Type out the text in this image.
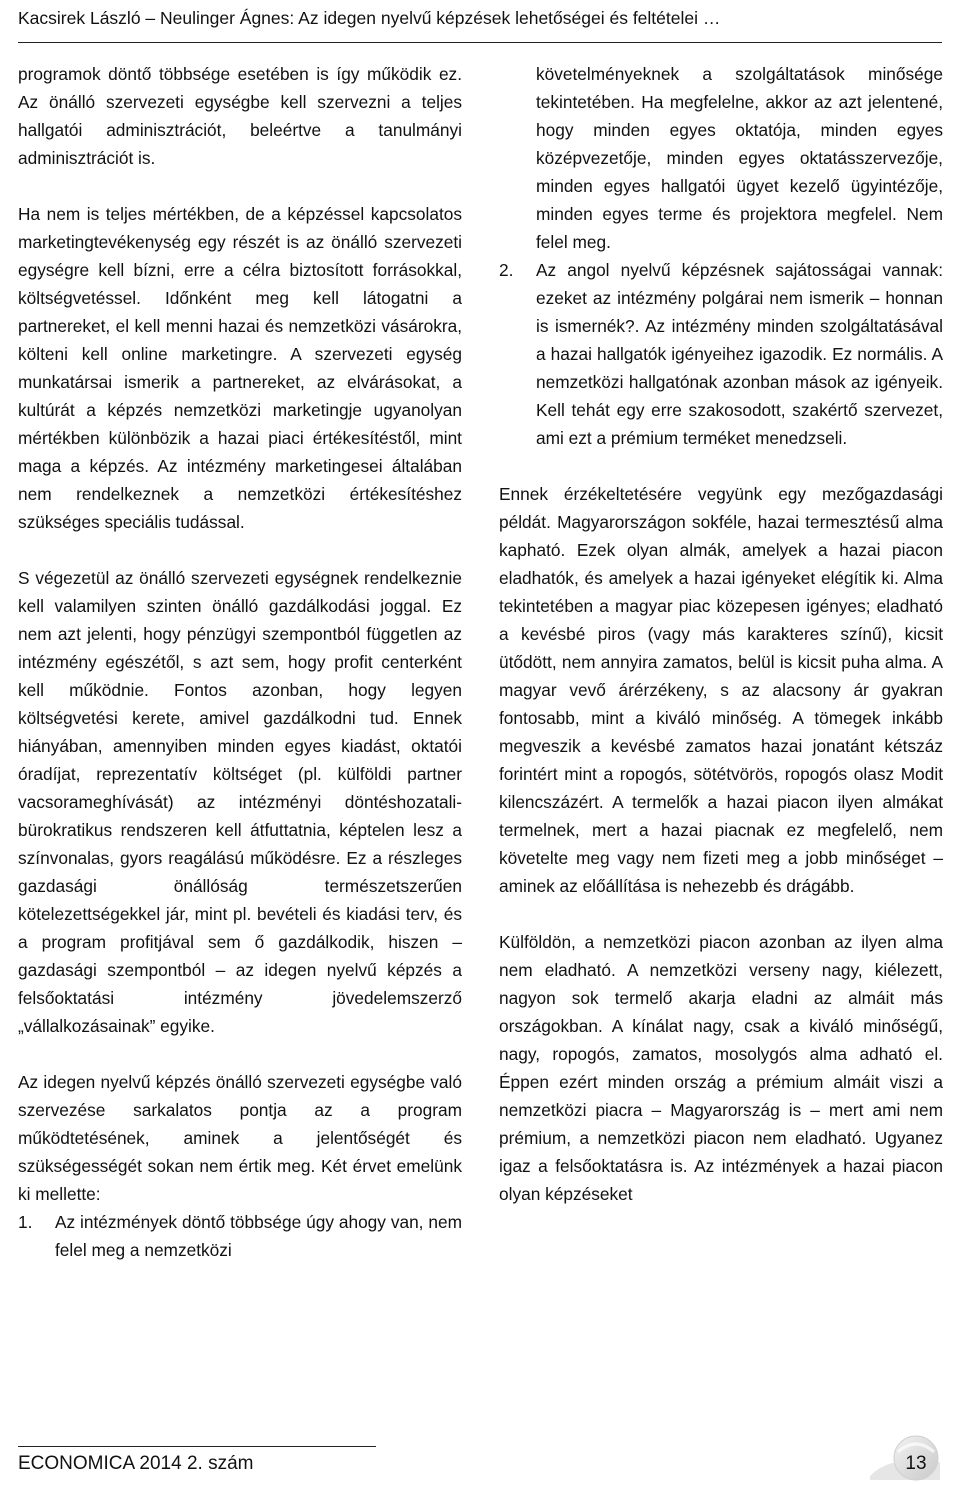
Kacsirek László – Neulinger Ágnes: Az idegen nyelvű képzések lehetőségei és feltételei …

programok döntő többsége esetében is így működik ez. Az önálló szervezeti egységbe kell szervezni a teljes hallgatói adminisztrációt, beleértve a tanulmányi adminisztrációt is.

Ha nem is teljes mértékben, de a képzéssel kapcsolatos marketingtevékenység egy részét is az önálló szervezeti egységre kell bízni, erre a célra biztosított forrásokkal, költségvetéssel. Időnként meg kell látogatni a partnereket, el kell menni hazai és nemzetközi vásárokra, költeni kell online marketingre. A szervezeti egység munkatársai ismerik a partnereket, az elvárásokat, a kultúrát a képzés nemzetközi marketingje ugyanolyan mértékben különbözik a hazai piaci értékesítéstől, mint maga a képzés. Az intézmény marketingesei általában nem rendelkeznek a nemzetközi értékesítéshez szükséges speciális tudással.

S végezetül az önálló szervezeti egységnek rendelkeznie kell valamilyen szinten önálló gazdálkodási joggal. Ez nem azt jelenti, hogy pénzügyi szempontból független az intézmény egészétől, s azt sem, hogy profit centerként kell működnie. Fontos azonban, hogy legyen költségvetési kerete, amivel gazdálkodni tud. Ennek hiányában, amennyiben minden egyes kiadást, oktatói óradíjat, reprezentatív költséget (pl. külföldi partner vacsorameghívását) az intézményi döntéshozatali-bürokratikus rendszeren kell átfuttatnia, képtelen lesz a színvonalas, gyors reagálású működésre. Ez a részleges gazdasági önállóság természetszerűen kötelezettségekkel jár, mint pl. bevételi és kiadási terv, és a program profitjával sem ő gazdálkodik, hiszen – gazdasági szempontból – az idegen nyelvű képzés a felsőoktatási intézmény jövedelemszerző „vállalkozásainak” egyike.

Az idegen nyelvű képzés önálló szervezeti egységbe való szervezése sarkalatos pontja az a program működtetésének, aminek a jelentőségét és szükségességét sokan nem értik meg. Két érvet emelünk ki mellette:

1. Az intézmények döntő többsége úgy ahogy van, nem felel meg a nemzetközi
követelményeknek a szolgáltatások minősége tekintetében. Ha megfelelne, akkor az azt jelentené, hogy minden egyes oktatója, minden egyes középvezetője, minden egyes oktatásszervezője, minden egyes hallgatói ügyet kezelő ügyintézője, minden egyes terme és projektora megfelel. Nem felel meg.
2. Az angol nyelvű képzésnek sajátosságai vannak: ezeket az intézmény polgárai nem ismerik – honnan is ismernék?. Az intézmény minden szolgáltatásával a hazai hallgatók igényeihez igazodik. Ez normális. A nemzetközi hallgatónak azonban mások az igényeik. Kell tehát egy erre szakosodott, szakértő szervezet, ami ezt a prémium terméket menedzseli.

Ennek érzékeltetésére vegyünk egy mezőgazdasági példát. Magyarországon sokféle, hazai termesztésű alma kapható. Ezek olyan almák, amelyek a hazai piacon eladhatók, és amelyek a hazai igényeket elégítik ki. Alma tekintetében a magyar piac közepesen igényes; eladható a kevésbé piros (vagy más karakteres színű), kicsit ütődött, nem annyira zamatos, belül is kicsit puha alma. A magyar vevő árérzékeny, s az alacsony ár gyakran fontosabb, mint a kiváló minőség. A tömegek inkább megveszik a kevésbé zamatos hazai jonatánt kétszáz forintért mint a ropogós, sötétvörös, ropogós olasz Modit kilencszázért. A termelők a hazai piacon ilyen almákat termelnek, mert a hazai piacnak ez megfelelő, nem követelte meg vagy nem fizeti meg a jobb minőséget – aminek az előállítása is nehezebb és drágább.

Külföldön, a nemzetközi piacon azonban az ilyen alma nem eladható. A nemzetközi verseny nagy, kiélezett, nagyon sok termelő akarja eladni az almáit más országokban. A kínálat nagy, csak a kiváló minőségű, nagy, ropogós, zamatos, mosolygós alma adható el. Éppen ezért minden ország a prémium almáit viszi a nemzetközi piacra – Magyarország is – mert ami nem prémium, a nemzetközi piacon nem eladható. Ugyanez igaz a felsőoktatásra is. Az intézmények a hazai piacon olyan képzéseket

ECONOMICA 2014 2. szám	13
